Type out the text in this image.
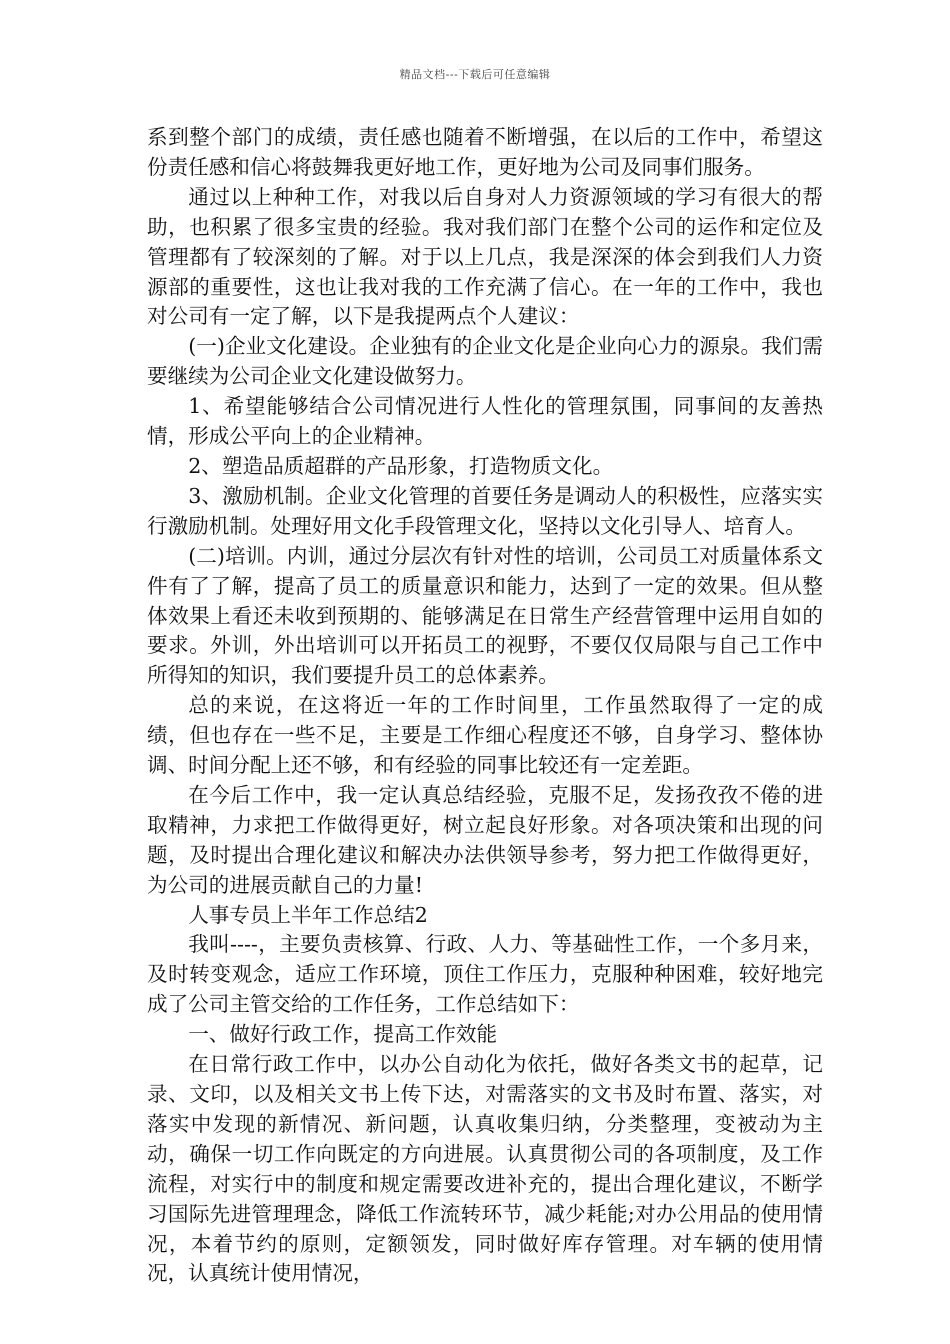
精品文档---下载后可任意编辑

系到整个部门的成绩，责任感也随着不断增强，在以后的工作中，希望这份责任感和信心将鼓舞我更好地工作，更好地为公司及同事们服务。

通过以上种种工作，对我以后自身对人力资源领域的学习有很大的帮助，也积累了很多宝贵的经验。我对我们部门在整个公司的运作和定位及管理都有了较深刻的了解。对于以上几点，我是深深的体会到我们人力资源部的重要性，这也让我对我的工作充满了信心。在一年的工作中，我也对公司有一定了解，以下是我提两点个人建议：

(一)企业文化建设。企业独有的企业文化是企业向心力的源泉。我们需要继续为公司企业文化建设做努力。

1、希望能够结合公司情况进行人性化的管理氛围，同事间的友善热情，形成公平向上的企业精神。

2、塑造品质超群的产品形象，打造物质文化。

3、激励机制。企业文化管理的首要任务是调动人的积极性，应落实实行激励机制。处理好用文化手段管理文化，坚持以文化引导人、培育人。

(二)培训。内训，通过分层次有针对性的培训，公司员工对质量体系文件有了了解，提高了员工的质量意识和能力，达到了一定的效果。但从整体效果上看还未收到预期的、能够满足在日常生产经营管理中运用自如的要求。外训，外出培训可以开拓员工的视野，不要仅仅局限与自己工作中所得知的知识，我们要提升员工的总体素养。

总的来说，在这将近一年的工作时间里，工作虽然取得了一定的成绩，但也存在一些不足，主要是工作细心程度还不够，自身学习、整体协调、时间分配上还不够，和有经验的同事比较还有一定差距。

在今后工作中，我一定认真总结经验，克服不足，发扬孜孜不倦的进取精神，力求把工作做得更好，树立起良好形象。对各项决策和出现的问题，及时提出合理化建议和解决办法供领导参考，努力把工作做得更好，为公司的进展贡献自己的力量!

人事专员上半年工作总结2

我叫----，主要负责核算、行政、人力、等基础性工作，一个多月来，及时转变观念，适应工作环境，顶住工作压力，克服种种困难，较好地完成了公司主管交给的工作任务，工作总结如下：

一、做好行政工作，提高工作效能

在日常行政工作中，以办公自动化为依托，做好各类文书的起草，记录、文印，以及相关文书上传下达，对需落实的文书及时布置、落实，对落实中发现的新情况、新问题，认真收集归纳，分类整理，变被动为主动，确保一切工作向既定的方向进展。认真贯彻公司的各项制度，及工作流程，对实行中的制度和规定需要改进补充的，提出合理化建议，不断学习国际先进管理理念，降低工作流转环节，减少耗能;对办公用品的使用情况，本着节约的原则，定额领发，同时做好库存管理。对车辆的使用情况，认真统计使用情况，
